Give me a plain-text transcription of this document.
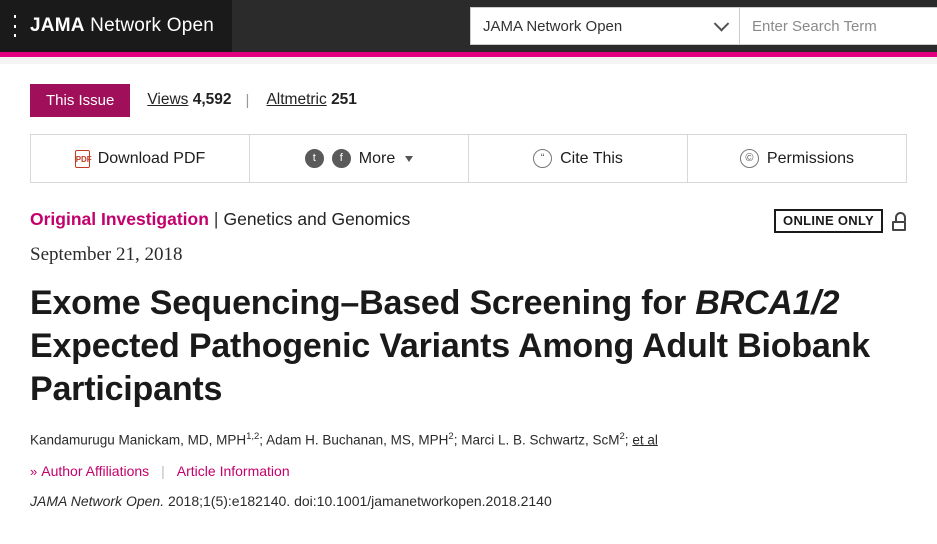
JAMA Network Open	JAMA Network Open
Enter Search Term
This Issue	Views 4,592 | Altmetric 251
PDF Download PDF	t	f More	“ Cite This	© Permissions
Original Investigation | Genetics and Genomics	ONLINE ONLY
September 21, 2018
Exome Sequencing–Based Screening for BRCA1/2 Expected Pathogenic Variants Among Adult Biobank Participants
Kandamurugu Manickam, MD, MPH$^{1,2}$; Adam H. Buchanan, MS, MPH$^2$; Marci L. B. Schwartz, ScM$^2$; et al
» Author Affiliations | Article Information
JAMA Network Open. 2018;1(5):e182140. doi:10.1001/jamanetworkopen.2018.2140
